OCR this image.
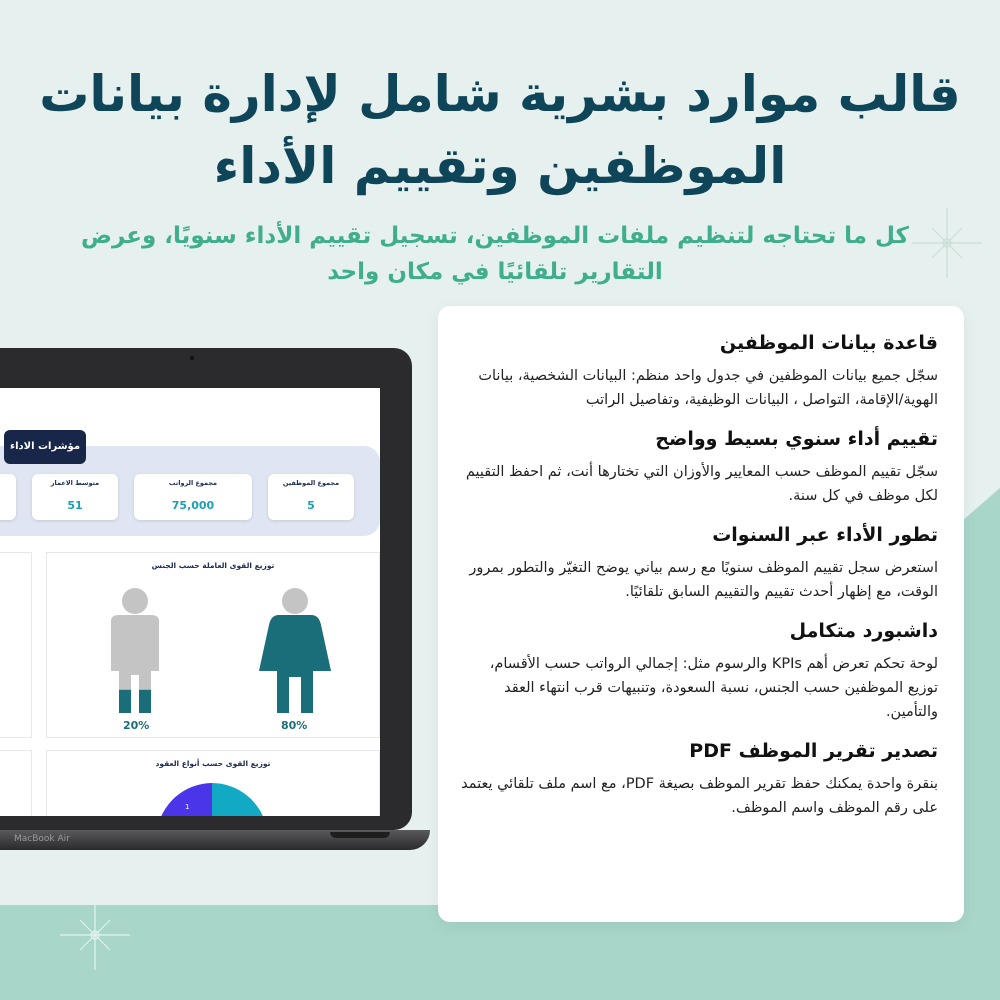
قالب موارد بشرية شامل لإدارة بيانات الموظفين وتقييم الأداء
كل ما تحتاجه لتنظيم ملفات الموظفين، تسجيل تقييم الأداء سنويًا، وعرض التقارير تلقائيًا في مكان واحد
مؤشرات الاداء
مجموع الموظفين
5
مجموع الرواتب
75,000
متوسط الاعمار
51
توزيع القوى العاملة حسب الجنس
20%	80%
توزيع القوى حسب أنواع العقود
1
MacBook Air
قاعدة بيانات الموظفين

سجّل جميع بيانات الموظفين في جدول واحد منظم: البيانات الشخصية، بيانات الهوية/الإقامة، التواصل ، البيانات الوظيفية، وتفاصيل الراتب

تقييم أداء سنوي بسيط وواضح

سجّل تقييم الموظف حسب المعايير والأوزان التي تختارها أنت، ثم احفظ التقييم لكل موظف في كل سنة.

تطور الأداء عبر السنوات

استعرض سجل تقييم الموظف سنويًا مع رسم بياني يوضح التغيّر والتطور بمرور الوقت، مع إظهار أحدث تقييم والتقييم السابق تلقائيًا.

داشبورد متكامل

لوحة تحكم تعرض أهم KPIs والرسوم مثل: إجمالي الرواتب حسب الأقسام، توزيع الموظفين حسب الجنس، نسبة السعودة، وتنبيهات قرب انتهاء العقد والتأمين.

تصدير تقرير الموظف PDF

بنقرة واحدة يمكنك حفظ تقرير الموظف بصيغة PDF، مع اسم ملف تلقائي يعتمد على رقم الموظف واسم الموظف.
